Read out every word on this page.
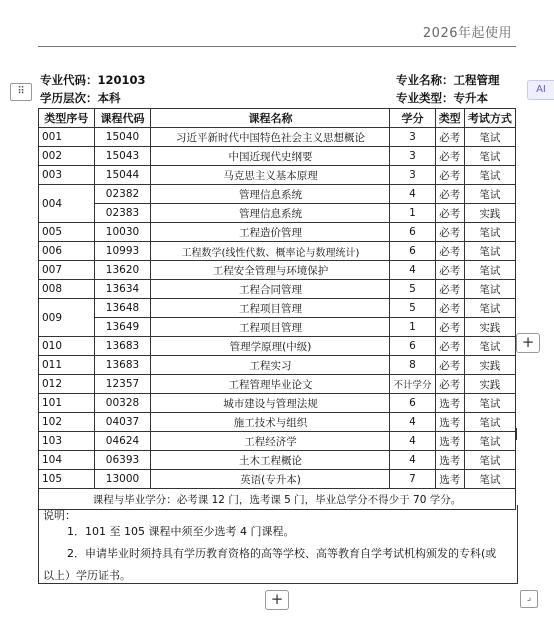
2026年起使用
⠿	AI
专业代码：120103
学历层次：本科
专业名称：工程管理
专业类型：专升本
类型序号	课程代码	课程名称	学分	类型	考试方式
001	15040	习近平新时代中国特色社会主义思想概论	3	必考	笔试
002	15043	中国近现代史纲要	3	必考	笔试
003	15044	马克思主义基本原理	3	必考	笔试
004	02382	管理信息系统	4	必考	笔试
	02383	管理信息系统	1	必考	实践
005	10030	工程造价管理	6	必考	笔试
006	10993	工程数学(线性代数、概率论与数理统计)	6	必考	笔试
007	13620	工程安全管理与环境保护	4	必考	笔试
008	13634	工程合同管理	5	必考	笔试
009	13648	工程项目管理	5	必考	笔试
	13649	工程项目管理	1	必考	实践
010	13683	管理学原理(中级)	6	必考	笔试
011	13683	工程实习	8	必考	实践
012	12357	工程管理毕业论文	不计学分	必考	实践
101	00328	城市建设与管理法规	6	选考	笔试
102	04037	施工技术与组织	4	选考	笔试
103	04624	工程经济学	4	选考	笔试
104	06393	土木工程概论	4	选考	笔试
105	13000	英语(专升本)	7	选考	笔试
课程与毕业学分：必考课 12 门，选考课 5 门，毕业总学分不得少于 70 学分。					
说明：
1．101 至 105 课程中须至少选考 4 门课程。
2．申请毕业时须持具有学历教育资格的高等学校、高等教育自学考试机构颁发的专科(或
以上）学历证书。
+
+	⌟
